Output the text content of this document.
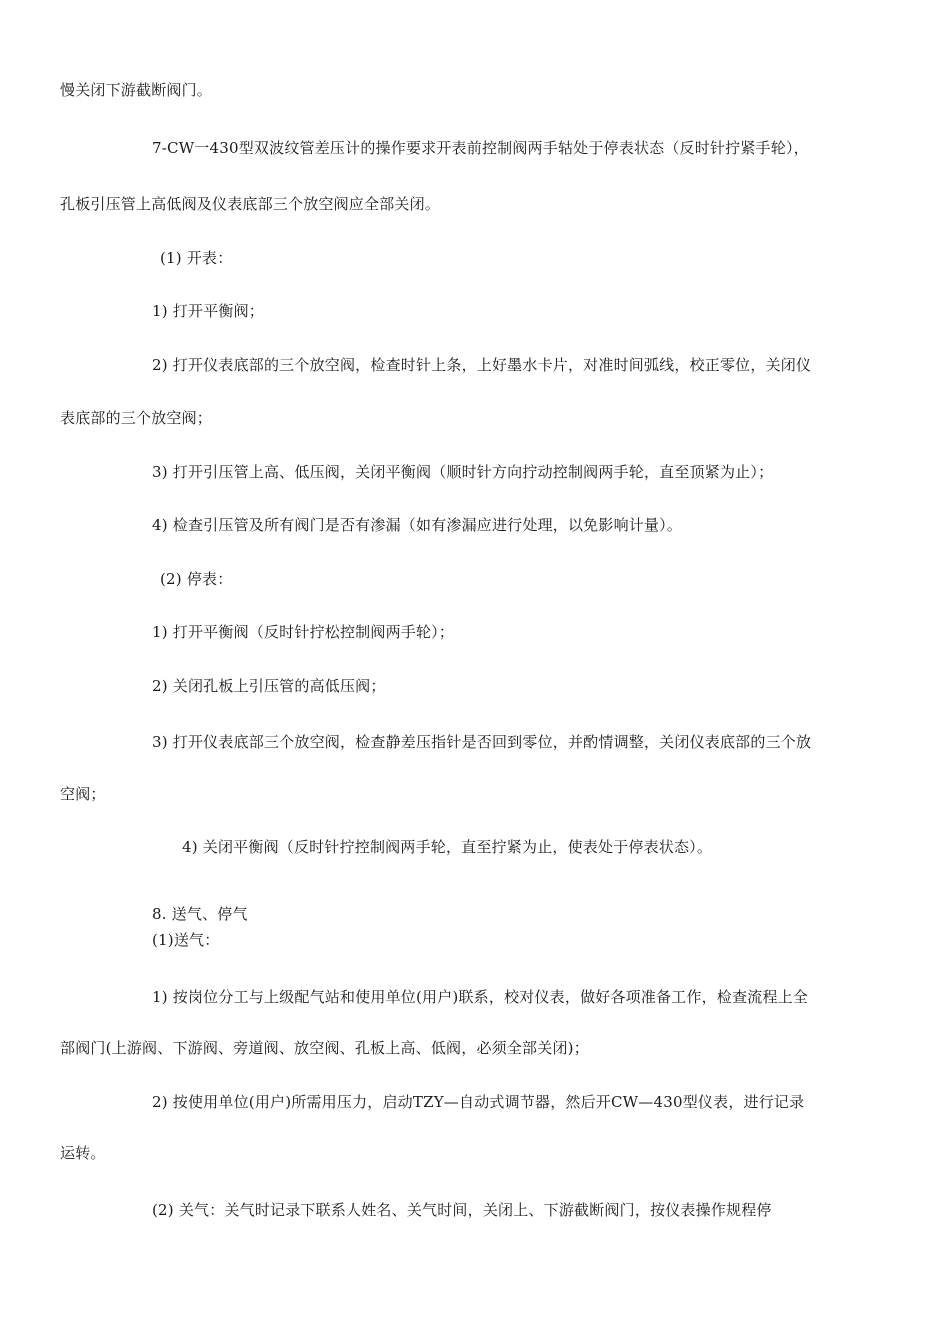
慢关闭下游截断阀门。
7-CW一430型双波纹管差压计的操作要求开表前控制阀两手轱处于停表状态（反时针拧紧手轮），
孔板引压管上高低阀及仪表底部三个放空阀应全部关闭。
(1) 开表：
1) 打开平衡阀；
2) 打开仪表底部的三个放空阀，检查时针上条，上好墨水卡片，对准时间弧线，校正零位，关闭仪
表底部的三个放空阀；
3) 打开引压管上高、低压阀，关闭平衡阀（顺时针方向拧动控制阀两手轮，直至顶紧为止）；
4) 检查引压管及所有阀门是否有渗漏（如有渗漏应进行处理，以免影响计量）。
(2) 停表：
1) 打开平衡阀（反时针拧松控制阀两手轮）；
2) 关闭孔板上引压管的高低压阀；
3) 打开仪表底部三个放空阀，检查静差压指针是否回到零位，并酌情调整，关闭仪表底部的三个放
空阀；
4) 关闭平衡阀（反时针拧控制阀两手轮，直至拧紧为止，使表处于停表状态）。
8. 送气、停气
(1)送气：
1) 按岗位分工与上级配气站和使用单位(用户)联系，校对仪表，做好各项准备工作，检查流程上全
部阀门(上游阀、下游阀、旁道阀、放空阀、孔板上高、低阀，必须全部关闭)；
2) 按使用单位(用户)所需用压力，启动TZY—自动式调节器，然后开CW—430型仪表，进行记录
运转。
(2) 关气：关气时记录下联系人姓名、关气时间，关闭上、下游截断阀门，按仪表操作规程停
